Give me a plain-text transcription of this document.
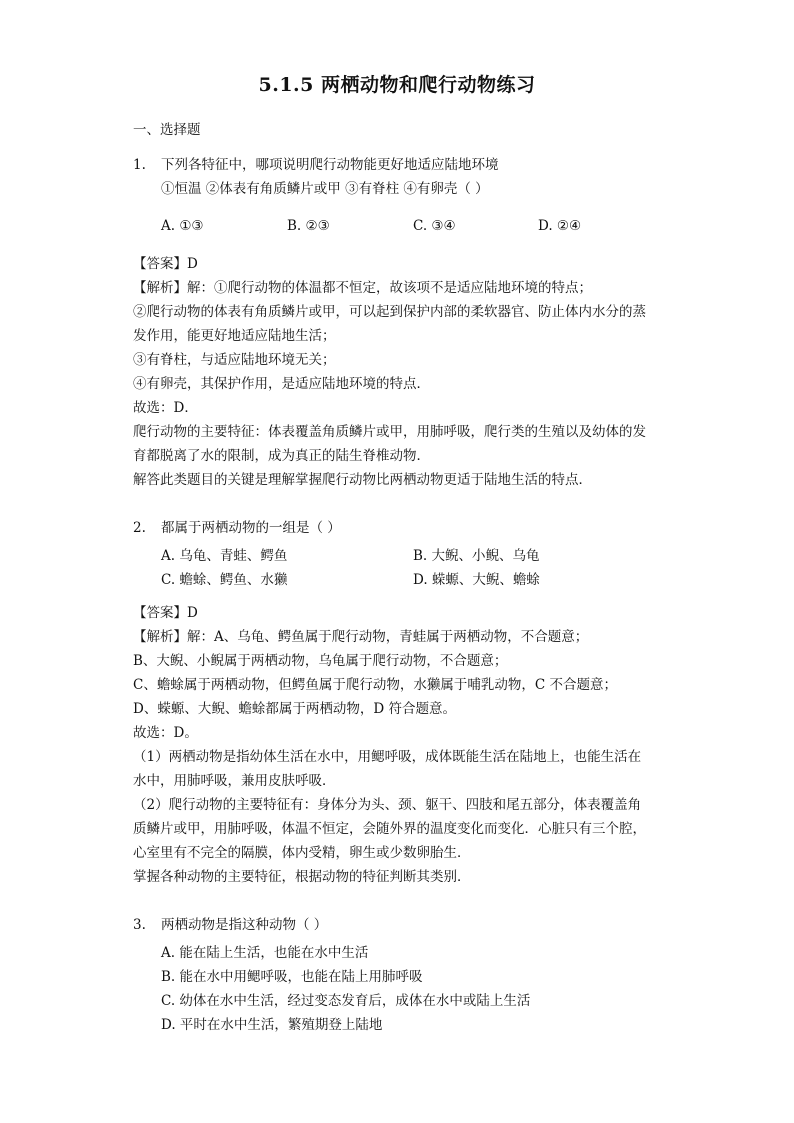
5.1.5 两栖动物和爬行动物练习
一、选择题
1. 下列各特征中，哪项说明爬行动物能更好地适应陆地环境
①恒温 ②体表有角质鳞片或甲 ③有脊柱 ④有卵壳（ ）
A. ①③	B. ②③	C. ③④	D. ②④
【答案】D
【解析】解：①爬行动物的体温都不恒定，故该项不是适应陆地环境的特点；
②爬行动物的体表有角质鳞片或甲，可以起到保护内部的柔软器官、防止体内水分的蒸
发作用，能更好地适应陆地生活；
③有脊柱，与适应陆地环境无关；
④有卵壳，其保护作用，是适应陆地环境的特点．
故选：D．
爬行动物的主要特征：体表覆盖角质鳞片或甲，用肺呼吸，爬行类的生殖以及幼体的发
育都脱离了水的限制，成为真正的陆生脊椎动物．
解答此类题目的关键是理解掌握爬行动物比两栖动物更适于陆地生活的特点．
2. 都属于两栖动物的一组是（ ）
A. 乌龟、青蛙、鳄鱼	B. 大鲵、小鲵、乌龟
C. 蟾蜍、鳄鱼、水獭	D. 蝾螈、大鲵、蟾蜍
【答案】D
【解析】解：A、乌龟、鳄鱼属于爬行动物，青蛙属于两栖动物，不合题意；
B、大鲵、小鲵属于两栖动物，乌龟属于爬行动物，不合题意；
C、蟾蜍属于两栖动物，但鳄鱼属于爬行动物，水獭属于哺乳动物，C 不合题意；
D、蝾螈、大鲵、蟾蜍都属于两栖动物，D 符合题意。
故选：D。
（1）两栖动物是指幼体生活在水中，用鳃呼吸，成体既能生活在陆地上，也能生活在
水中，用肺呼吸，兼用皮肤呼吸．
（2）爬行动物的主要特征有：身体分为头、颈、躯干、四肢和尾五部分，体表覆盖角
质鳞片或甲，用肺呼吸，体温不恒定，会随外界的温度变化而变化．心脏只有三个腔，
心室里有不完全的隔膜，体内受精，卵生或少数卵胎生．
掌握各种动物的主要特征，根据动物的特征判断其类别．
3. 两栖动物是指这种动物（ ）
A. 能在陆上生活，也能在水中生活
B. 能在水中用鳃呼吸，也能在陆上用肺呼吸
C. 幼体在水中生活，经过变态发育后，成体在水中或陆上生活
D. 平时在水中生活，繁殖期登上陆地
